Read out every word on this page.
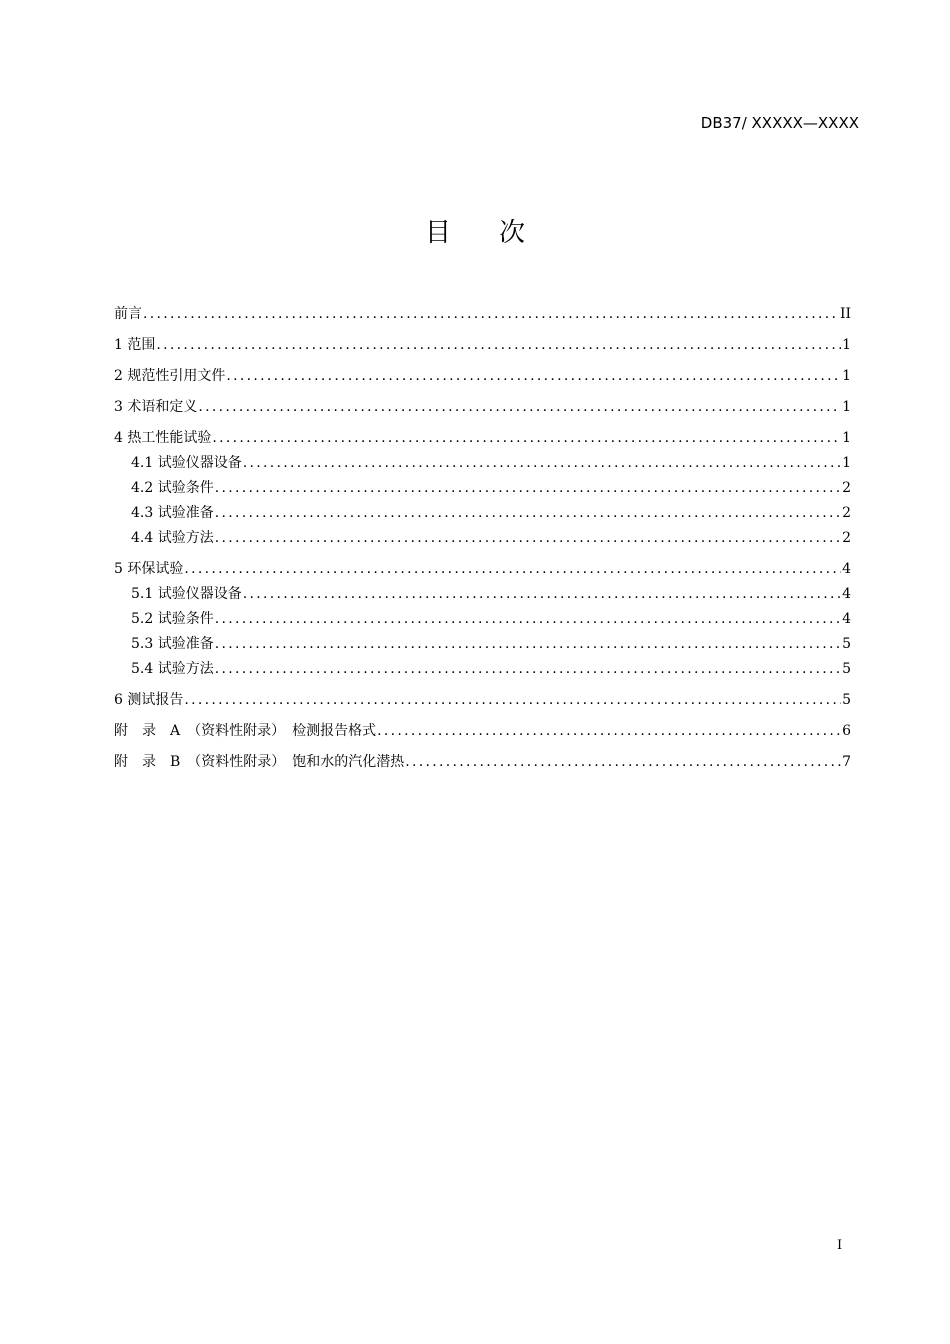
DB37/ XXXXX—XXXX
目次
前言 .....	II
1 范围 .....	1
2 规范性引用文件 .....	1
3 术语和定义 .....	1
4 热工性能试验 .....	1
4.1 试验仪器设备 .....	1
4.2 试验条件 .....	2
4.3 试验准备 .....	2
4.4 试验方法 .....	2
5 环保试验 .....	4
5.1 试验仪器设备 .....	4
5.2 试验条件 .....	4
5.3 试验准备 .....	5
5.4 试验方法 .....	5
6 测试报告 .....	5
附　录　A　（资料性附录）　检测报告格式 .....	6
附　录　B　（资料性附录）　饱和水的汽化潜热 .....	7
I
